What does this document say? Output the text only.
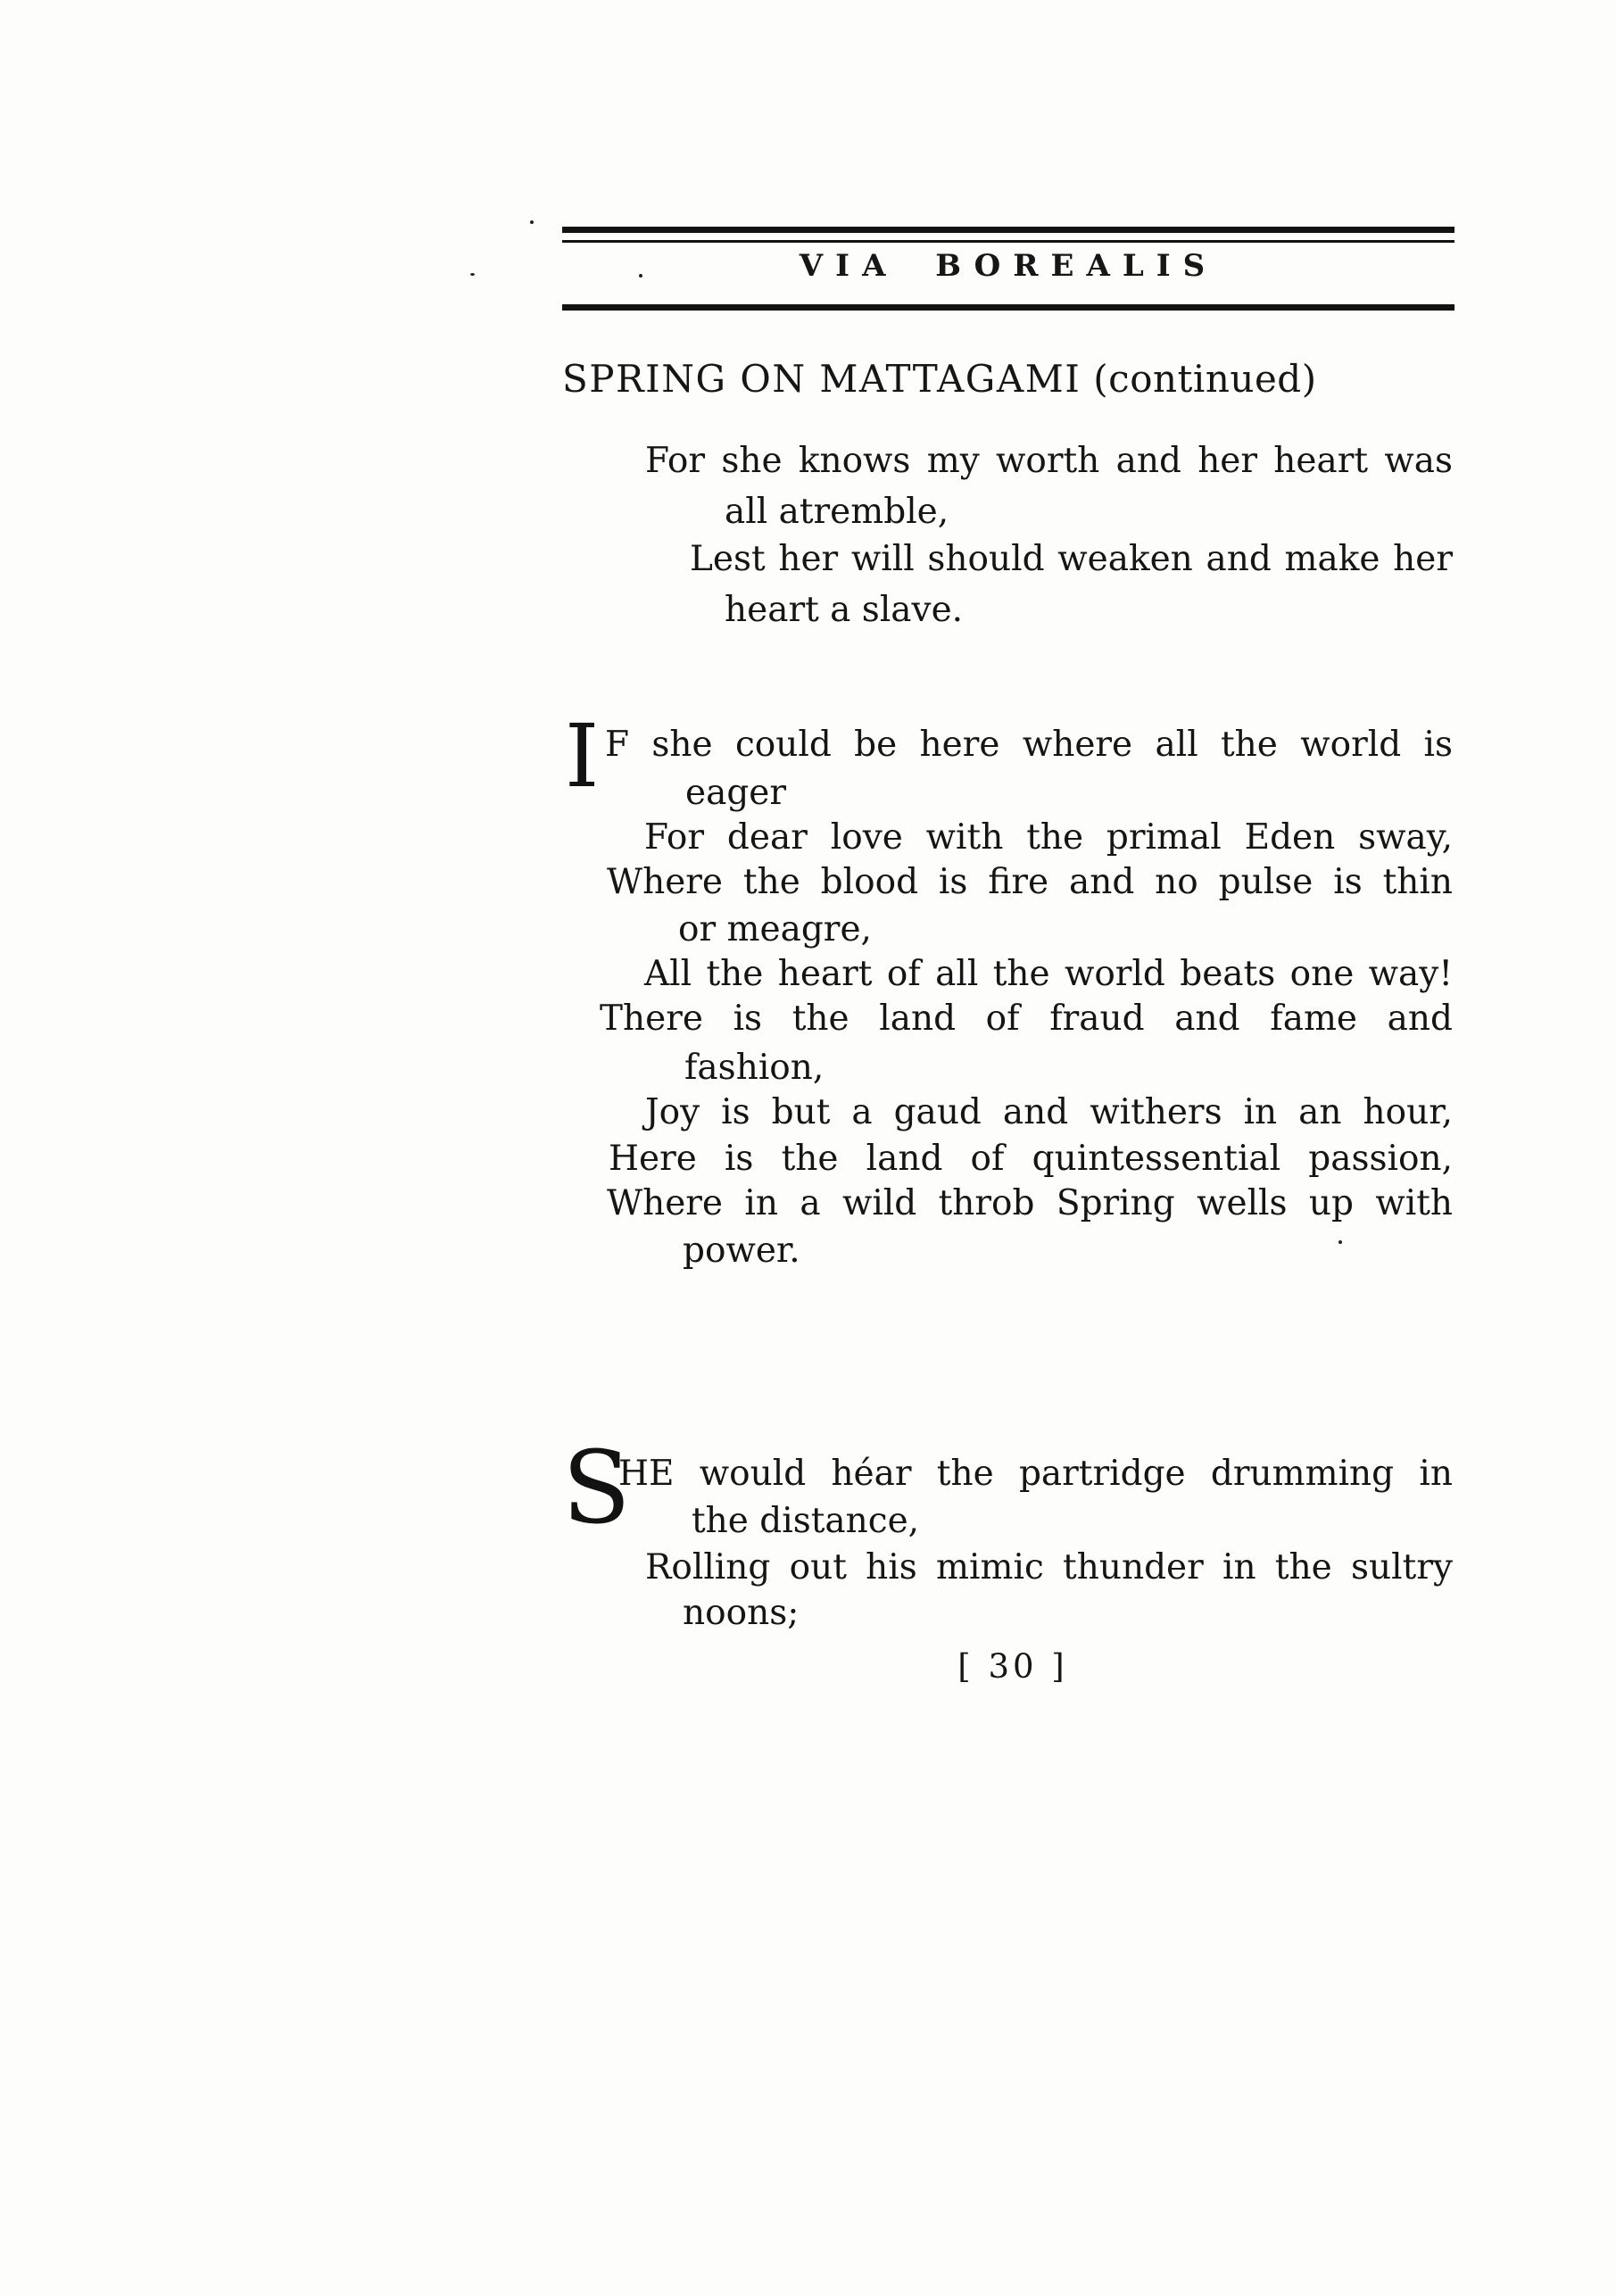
VIA BOREALIS
SPRING ON MATTAGAMI (continued)
For she knows my worth and her heart was
all atremble,
Lest her will should weaken and make her
heart a slave.
I F she could be here where all the world is
eager
For dear love with the primal Eden sway,
Where the blood is fire and no pulse is thin
or meagre,
All the heart of all the world beats one way!
There is the land of fraud and fame and
fashion,
Joy is but a gaud and withers in an hour,
Here is the land of quintessential passion,
Where in a wild throb Spring wells up with
power.
S
HE would héar the partridge drumming in
the distance,
Rolling out his mimic thunder in the sultry
noons;
[ 30 ]
